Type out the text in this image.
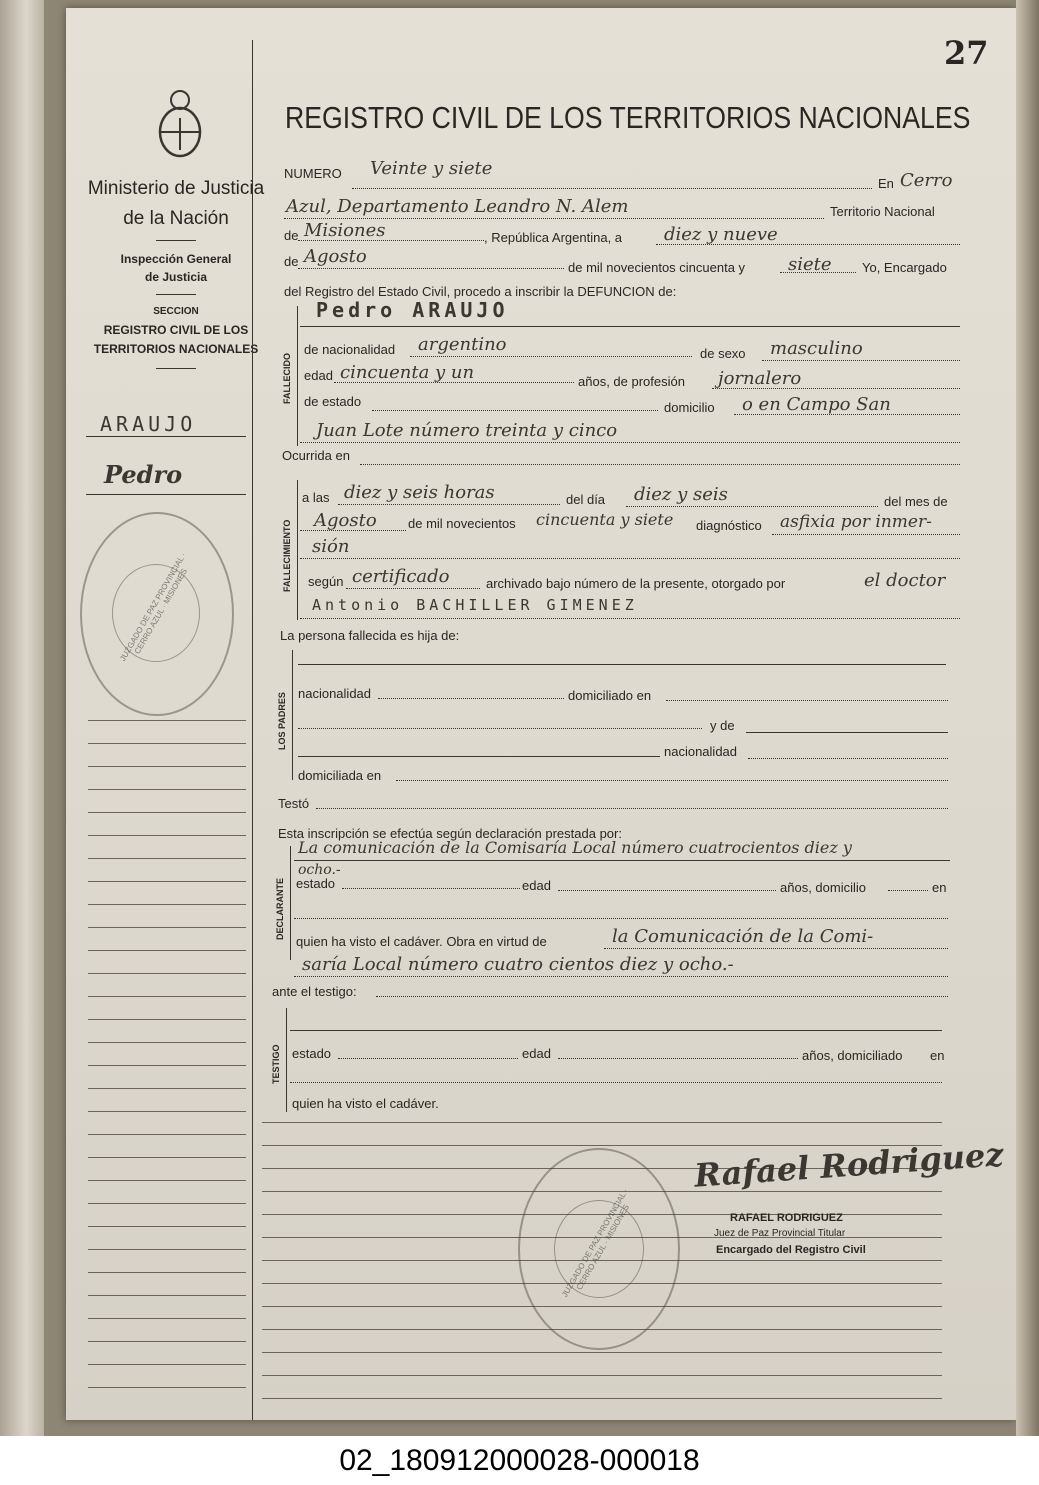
27
Ministerio de Justicia
de la Nación
Inspección General
de Justicia
SECCION
REGISTRO CIVIL DE LOS
TERRITORIOS NACIONALES
ARAUJO
Pedro
JUZGADO DE PAZ PROVINCIAL · CERRO AZUL · MISIONES
REGISTRO CIVIL DE LOS TERRITORIOS NACIONALES
NUMERO Veinte y siete
En Cerro
Azul, Departamento Leandro N. Alem	Territorio Nacional
de Misiones	, República Argentina, a diez y nueve
de Agosto
de mil novecientos cincuenta y siete Yo, Encargado
del Registro del Estado Civil, procedo a inscribir la DEFUNCION de:
FALLECIDO
Pedro ARAUJO
de nacionalidad argentino	de sexo masculino
edad cincuenta y un	años, de profesión jornalero
de estado	domicilio o en Campo San
Juan Lote número treinta y cinco
Ocurrida en
FALLECIMIENTO
a las diez y seis horas	del día diez y seis	del mes de
Agosto de mil novecientos cincuenta y siete diagnóstico asfixia por inmer-
sión
según certificado	archivado bajo número de la presente, otorgado por	el doctor
Antonio BACHILLER GIMENEZ
La persona fallecida es hija de:
LOS PADRES nacionalidad	domiciliado en
y de
nacionalidad
domiciliada en
Testó
Esta inscripción se efectúa según declaración prestada por:
DECLARANTE
La comunicación de la Comisaría Local número cuatrocientos diez y
ocho.-
estado	edad	años, domicilio	en
quien ha visto el cadáver. Obra en virtud de	la Comunicación de la Comi-
saría Local número cuatro cientos diez y ocho.-
ante el testigo:
TESTIGO estado	edad	años, domiciliado en
quien ha visto el cadáver.
JUZGADO DE PAZ PROVINCIAL · CERRO AZUL · MISIONES
Rafael Rodriguez
RAFAEL RODRIGUEZ
Juez de Paz Provincial Titular
Encargado del Registro Civil
02_180912000028-000018
